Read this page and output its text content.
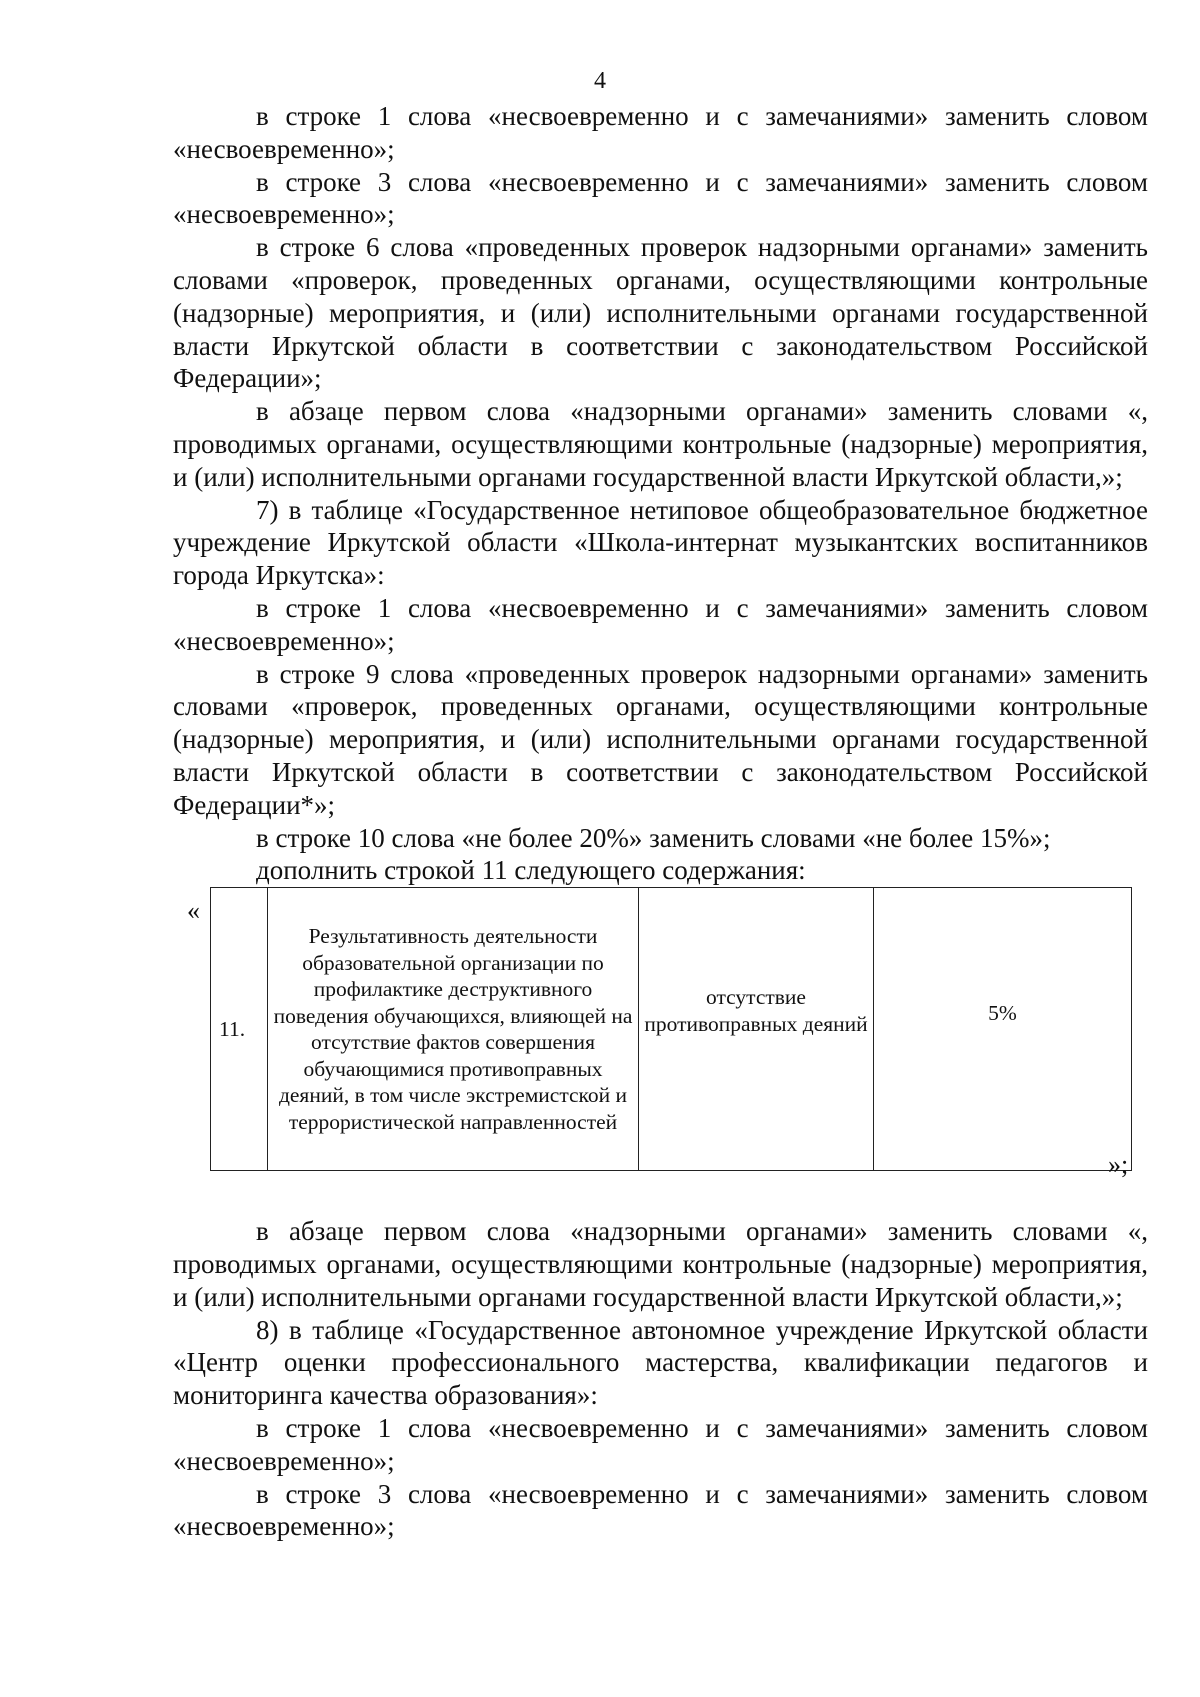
4

в строке 1 слова «несвоевременно и с замечаниями» заменить словом «несвоевременно»;

в строке 3 слова «несвоевременно и с замечаниями» заменить словом «несвоевременно»;

в строке 6 слова «проведенных проверок надзорными органами» заменить словами «проверок, проведенных органами, осуществляющими контрольные (надзорные) мероприятия, и (или) исполнительными органами государственной власти Иркутской области в соответствии с законодательством Российской Федерации»;

в абзаце первом слова «надзорными органами» заменить словами «, проводимых органами, осуществляющими контрольные (надзорные) мероприятия, и (или) исполнительными органами государственной власти Иркутской области,»;

7) в таблице «Государственное нетиповое общеобразовательное бюджетное учреждение Иркутской области «Школа-интернат музыкантских воспитанников города Иркутска»:

в строке 1 слова «несвоевременно и с замечаниями» заменить словом «несвоевременно»;

в строке 9 слова «проведенных проверок надзорными органами» заменить словами «проверок, проведенных органами, осуществляющими контрольные (надзорные) мероприятия, и (или) исполнительными органами государственной власти Иркутской области в соответствии с законодательством Российской Федерации*»;

в строке 10 слова «не более 20%» заменить словами «не более 15%»;

дополнить строкой 11 следующего содержания:

«
11.	Результативность деятельности образовательной организации по профилактике деструктивного поведения обучающихся, влияющей на отсутствие фактов совершения обучающимися противоправных деяний, в том числе экстремистской и террористической направленностей	отсутствие противоправных деяний	5%
»;

в абзаце первом слова «надзорными органами» заменить словами «, проводимых органами, осуществляющими контрольные (надзорные) мероприятия, и (или) исполнительными органами государственной власти Иркутской области,»;

8) в таблице «Государственное автономное учреждение Иркутской области «Центр оценки профессионального мастерства, квалификации педагогов и мониторинга качества образования»:

в строке 1 слова «несвоевременно и с замечаниями» заменить словом «несвоевременно»;

в строке 3 слова «несвоевременно и с замечаниями» заменить словом «несвоевременно»;
